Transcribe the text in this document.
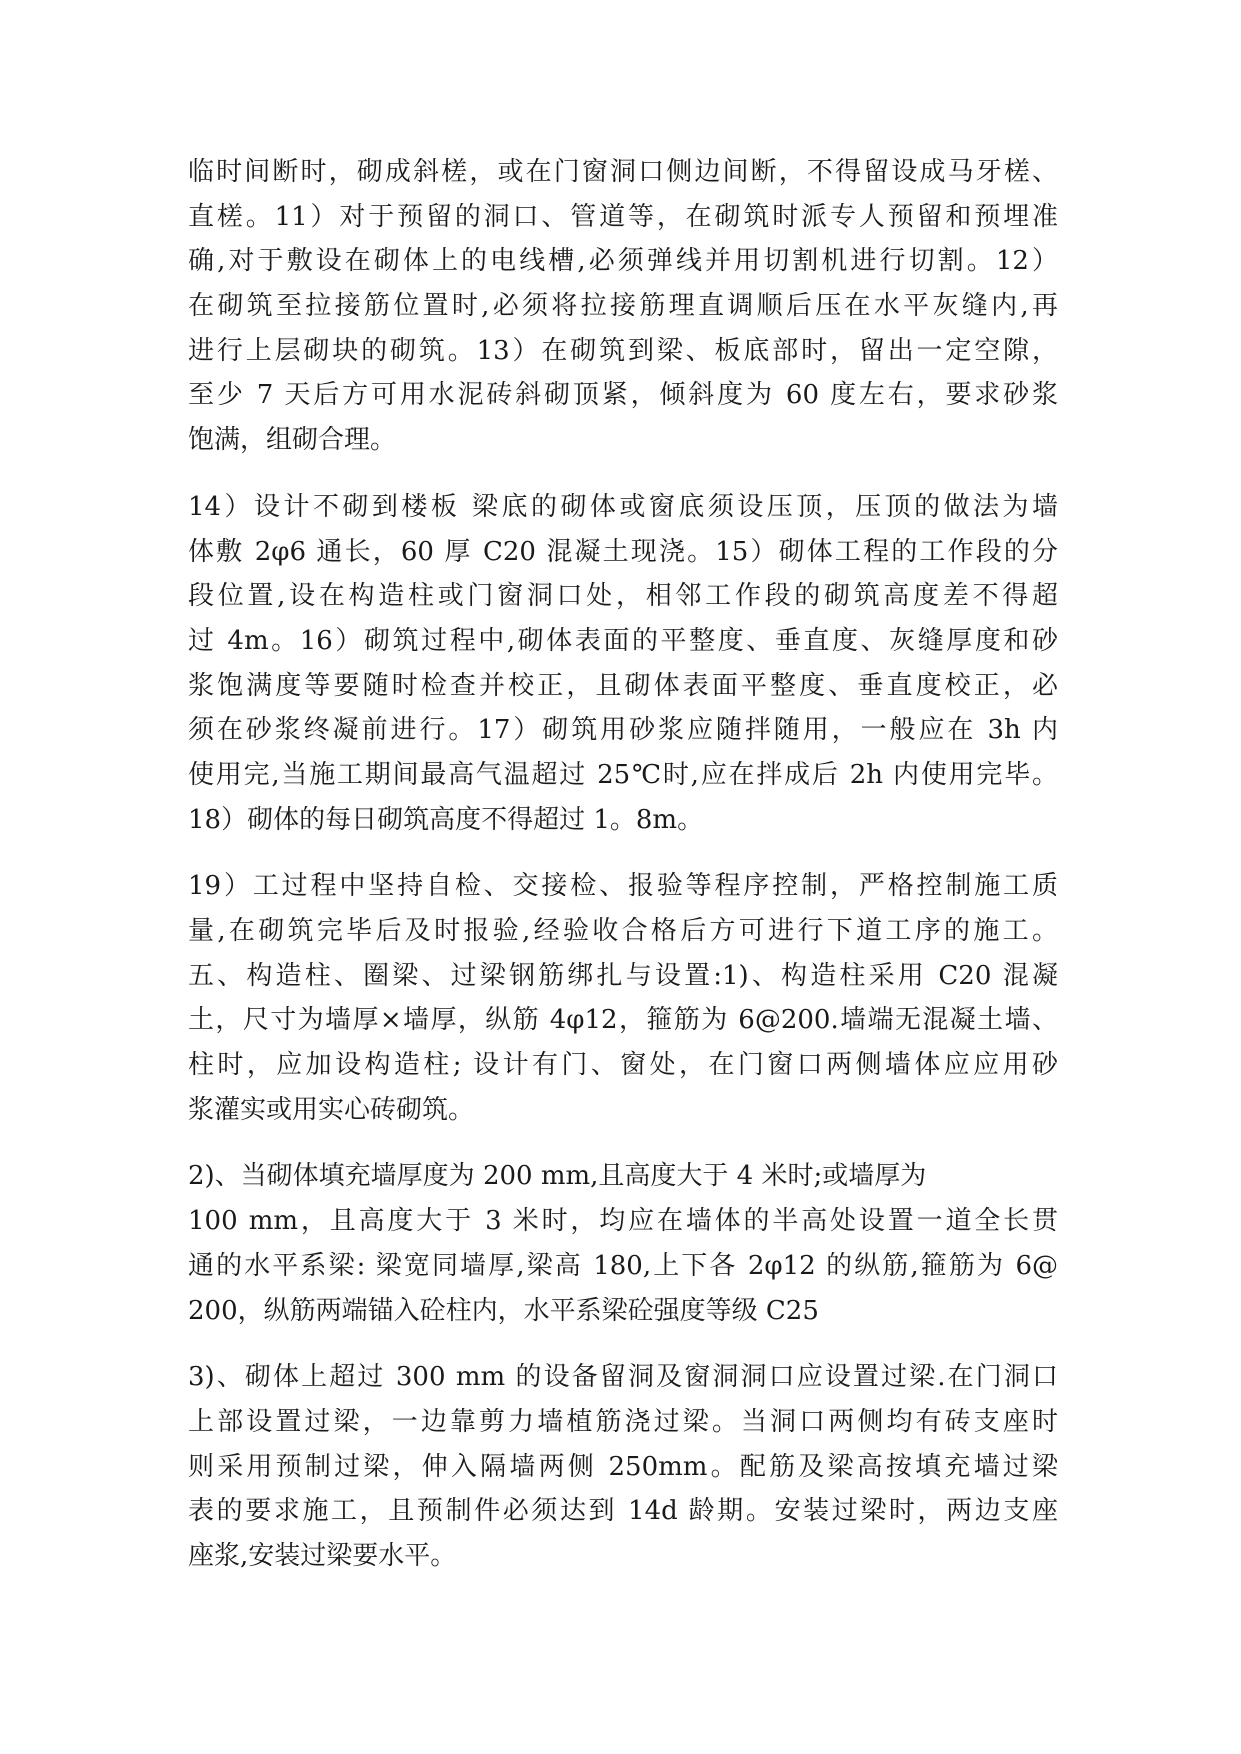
临时间断时，砌成斜槎，或在门窗洞口侧边间断，不得留设成马牙槎、
直槎。11）对于预留的洞口、管道等，在砌筑时派专人预留和预埋准
确,对于敷设在砌体上的电线槽,必须弹线并用切割机进行切割。12）
在砌筑至拉接筋位置时,必须将拉接筋理直调顺后压在水平灰缝内,再
进行上层砌块的砌筑。13）在砌筑到梁、板底部时，留出一定空隙，
至少 7 天后方可用水泥砖斜砌顶紧，倾斜度为 60 度左右，要求砂浆
饱满，组砌合理。
14）设计不砌到楼板 梁底的砌体或窗底须设压顶，压顶的做法为墙
体敷 2φ6 通长，60 厚 C20 混凝土现浇。15）砌体工程的工作段的分
段位置,设在构造柱或门窗洞口处，相邻工作段的砌筑高度差不得超
过 4m。16）砌筑过程中,砌体表面的平整度、垂直度、灰缝厚度和砂
浆饱满度等要随时检查并校正，且砌体表面平整度、垂直度校正，必
须在砂浆终凝前进行。17）砌筑用砂浆应随拌随用，一般应在 3h 内
使用完,当施工期间最高气温超过 25℃时,应在拌成后 2h 内使用完毕。
18）砌体的每日砌筑高度不得超过 1。8m。
19）工过程中坚持自检、交接检、报验等程序控制，严格控制施工质
量,在砌筑完毕后及时报验,经验收合格后方可进行下道工序的施工。
五、构造柱、圈梁、过梁钢筋绑扎与设置:1)、构造柱采用 C20 混凝
土，尺寸为墙厚×墙厚，纵筋 4φ12，箍筋为 6@200.墙端无混凝土墙、
柱时，应加设构造柱; 设计有门、窗处，在门窗口两侧墙体应应用砂
浆灌实或用实心砖砌筑。
2)、当砌体填充墙厚度为 200 mm,且高度大于 4 米时;或墙厚为
100 mm，且高度大于 3 米时，均应在墙体的半高处设置一道全长贯
通的水平系梁: 梁宽同墙厚,梁高 180,上下各 2φ12 的纵筋,箍筋为 6@
200，纵筋两端锚入砼柱内，水平系梁砼强度等级 C25
3)、砌体上超过 300 mm 的设备留洞及窗洞洞口应设置过梁.在门洞口
上部设置过梁，一边靠剪力墙植筋浇过梁。当洞口两侧均有砖支座时
则采用预制过梁，伸入隔墙两侧 250mm。配筋及梁高按填充墙过梁
表的要求施工，且预制件必须达到 14d 龄期。安装过梁时，两边支座
座浆,安装过梁要水平。
